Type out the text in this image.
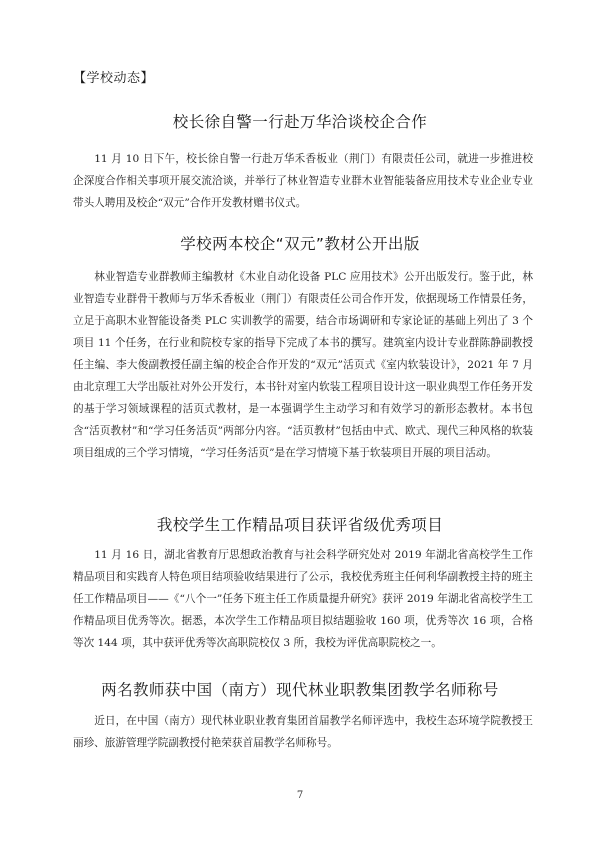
【学校动态】
校长徐自警一行赴万华洽谈校企合作

11 月 10 日下午，校长徐自警一行赴万华禾香板业（荆门）有限责任公司，就进一步推进校企深度合作相关事项开展交流洽谈，并举行了林业智造专业群木业智能装备应用技术专业企业专业带头人聘用及校企“双元”合作开发教材赠书仪式。

学校两本校企“双元”教材公开出版

林业智造专业群教师主编教材《木业自动化设备 PLC 应用技术》公开出版发行。鉴于此，林业智造专业群骨干教师与万华禾香板业（荆门）有限责任公司合作开发，依据现场工作情景任务，立足于高职木业智能设备类 PLC 实训教学的需要，结合市场调研和专家论证的基础上列出了 3 个项目 11 个任务，在行业和院校专家的指导下完成了本书的撰写。建筑室内设计专业群陈静副教授任主编、李大俊副教授任副主编的校企合作开发的“双元”活页式《室内软装设计》，2021 年 7 月由北京理工大学出版社对外公开发行，本书针对室内软装工程项目设计这一职业典型工作任务开发的基于学习领域课程的活页式教材，是一本强调学生主动学习和有效学习的新形态教材。本书包含“活页教材”和“学习任务活页”两部分内容。“活页教材”包括由中式、欧式、现代三种风格的软装项目组成的三个学习情境，“学习任务活页”是在学习情境下基于软装项目开展的项目活动。

我校学生工作精品项目获评省级优秀项目

11 月 16 日，湖北省教育厅思想政治教育与社会科学研究处对 2019 年湖北省高校学生工作精品项目和实践育人特色项目结项验收结果进行了公示，我校优秀班主任何利华副教授主持的班主任工作精品项目——《“八个一”任务下班主任工作质量提升研究》获评 2019 年湖北省高校学生工作精品项目优秀等次。据悉，本次学生工作精品项目拟结题验收 160 项，优秀等次 16 项，合格等次 144 项，其中获评优秀等次高职院校仅 3 所，我校为评优高职院校之一。

两名教师获中国（南方）现代林业职教集团教学名师称号

近日，在中国（南方）现代林业职业教育集团首届教学名师评选中，我校生态环境学院教授王丽珍、旅游管理学院副教授付艳荣获首届教学名师称号。

7
